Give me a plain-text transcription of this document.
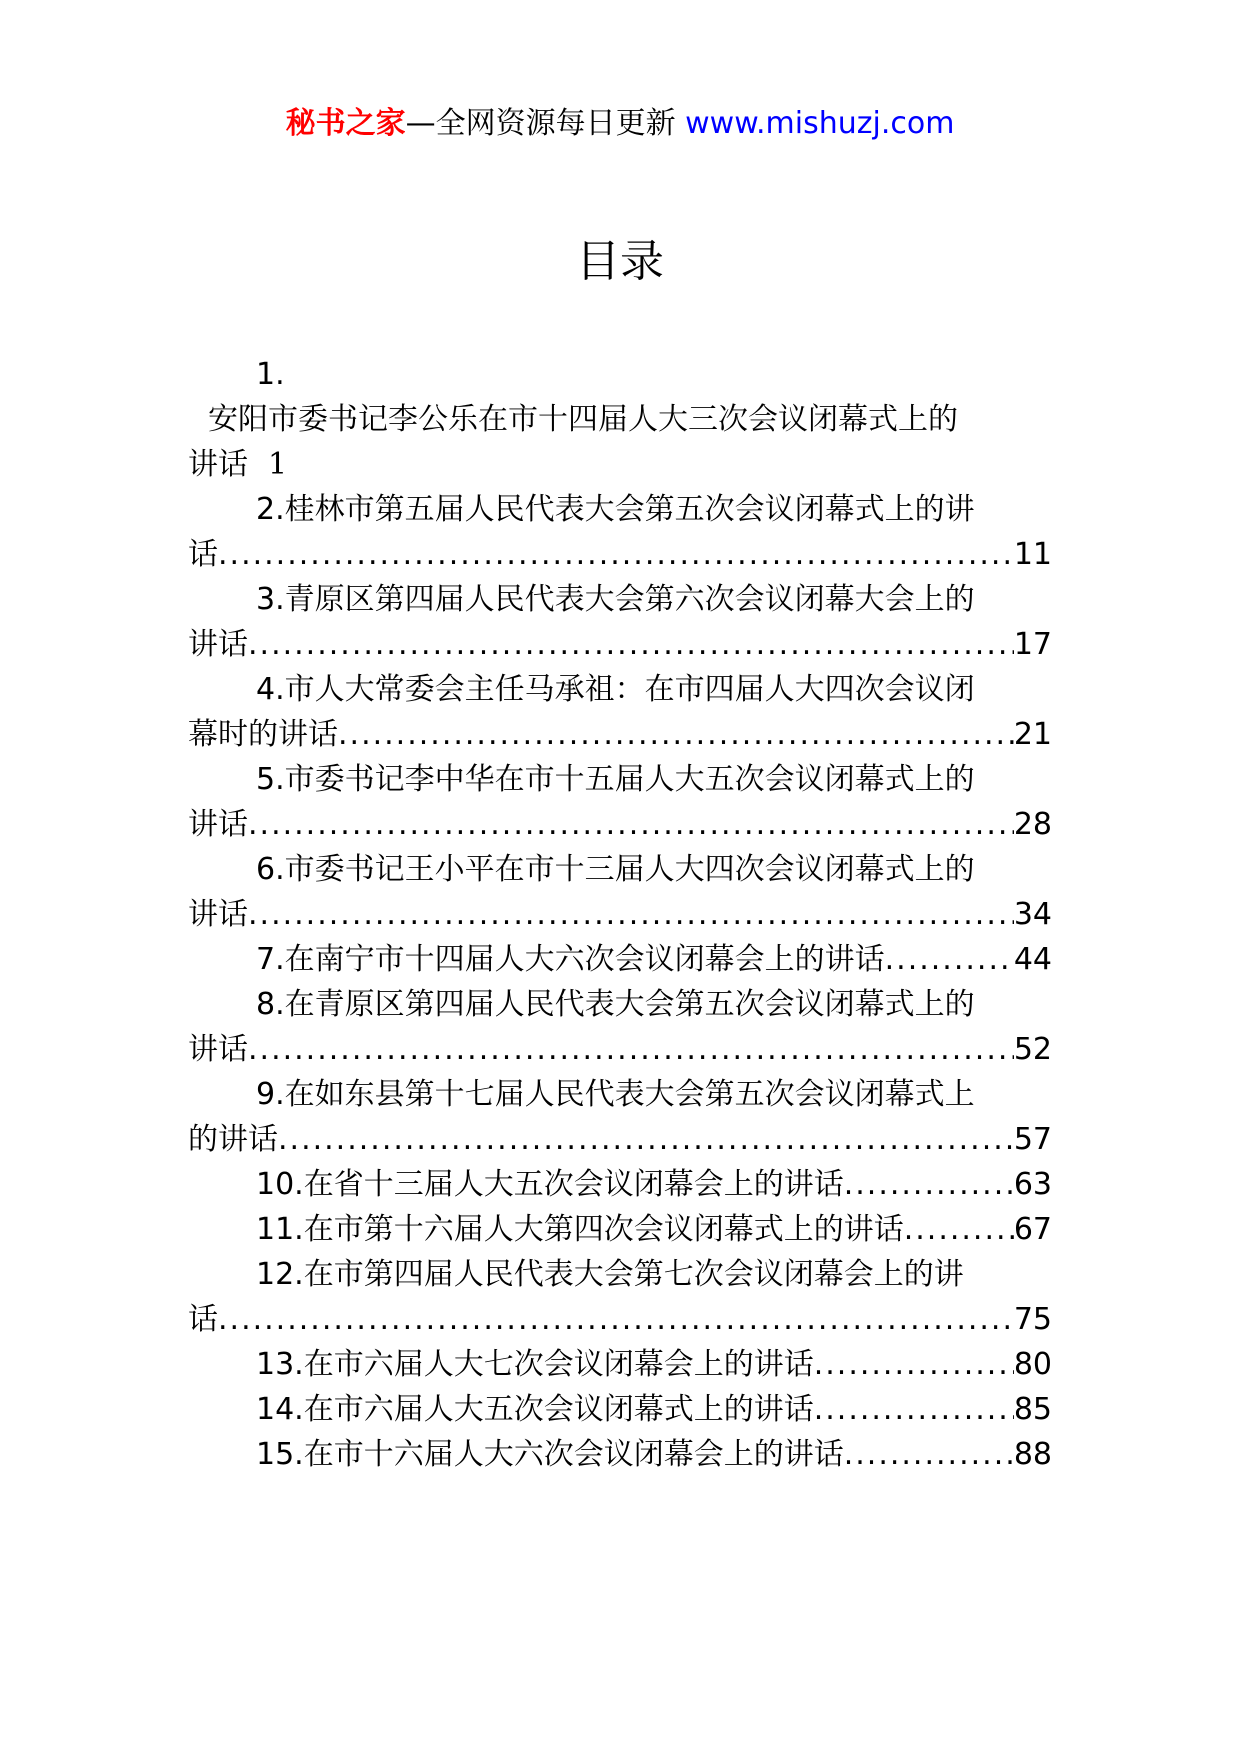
秘书之家—全网资源每日更新 www.mishuzj.com
目录
1.
安阳市委书记李公乐在市十四届人大三次会议闭幕式上的
讲话 1
2.桂林市第五届人民代表大会第五次会议闭幕式上的讲
话 .....	11
3.青原区第四届人民代表大会第六次会议闭幕大会上的
讲话 .....	17
4.市人大常委会主任马承祖：在市四届人大四次会议闭
幕时的讲话 .....	21
5.市委书记李中华在市十五届人大五次会议闭幕式上的
讲话 .....	28
6.市委书记王小平在市十三届人大四次会议闭幕式上的
讲话 .....	34
7.在南宁市十四届人大六次会议闭幕会上的讲话 .....	44
8.在青原区第四届人民代表大会第五次会议闭幕式上的
讲话 .....	52
9.在如东县第十七届人民代表大会第五次会议闭幕式上
的讲话 .....	57
10.在省十三届人大五次会议闭幕会上的讲话 .....	63
11.在市第十六届人大第四次会议闭幕式上的讲话 .....	67
12.在市第四届人民代表大会第七次会议闭幕会上的讲
话 .....	75
13.在市六届人大七次会议闭幕会上的讲话 .....	80
14.在市六届人大五次会议闭幕式上的讲话 .....	85
15.在市十六届人大六次会议闭幕会上的讲话 .....	88
